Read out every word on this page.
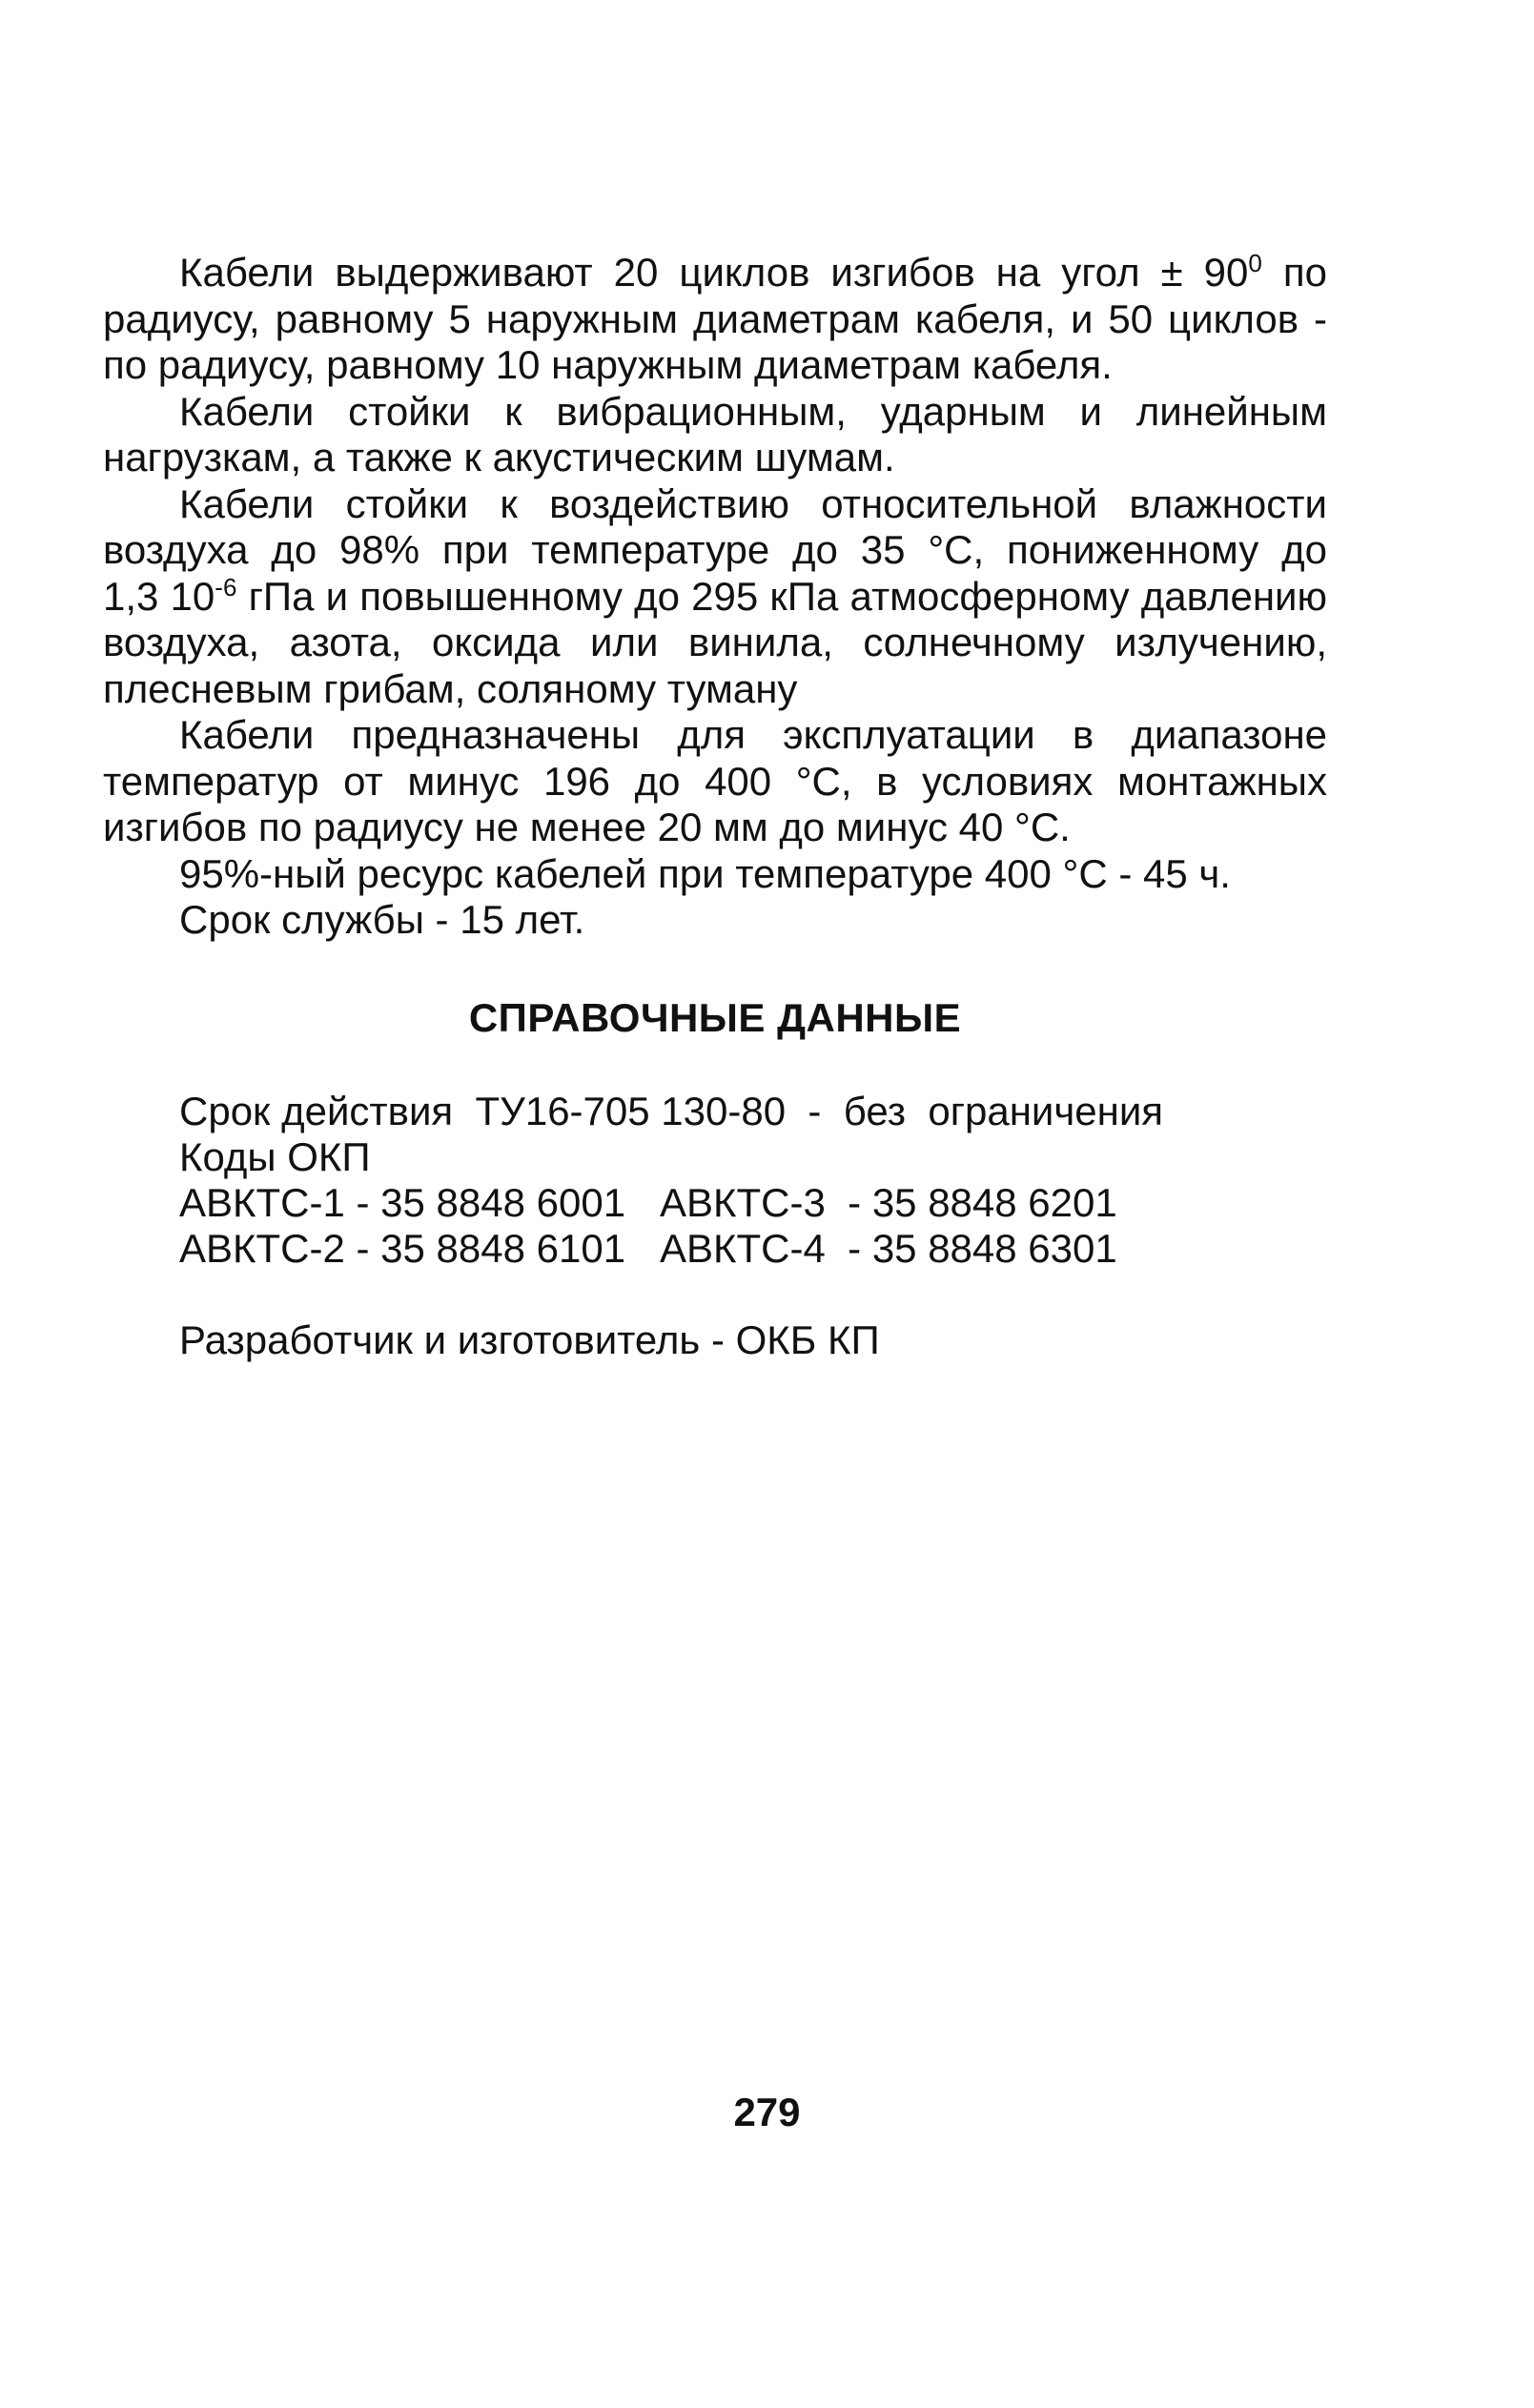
Кабели выдерживают 20 циклов изгибов на угол ± $90^0$ по
радиусу, равному 5 наружным диаметрам кабеля, и 50 циклов -
по радиусу, равному 10 наружным диаметрам кабеля.

Кабели стойки к вибрационным, ударным и линейным
нагрузкам, а также к акустическим шумам.

Кабели стойки к воздействию относительной влажности
воздуха до 98% при температуре до 35 °С, пониженному до
1,3 $10^{-6}$ гПа и повышенному до 295 кПа атмосферному давлению
воздуха, азота, оксида или винила, солнечному излучению,
плесневым грибам, соляному туману

Кабели предназначены для эксплуатации в диапазоне
температур от минус 196 до 400 °С, в условиях монтажных
изгибов по радиусу не менее 20 мм до минус 40 °С.

95%-ный ресурс кабелей при температуре 400 °С - 45 ч.

Срок службы - 15 лет.

СПРАВОЧНЫЕ ДАННЫЕ
Срок действия  ТУ16-705 130-80  -  без  ограничения
Коды ОКП
АВКТС-1 - 35 8848 6001 АВКТС-3  - 35 8848 6201
АВКТС-2 - 35 8848 6101 АВКТС-4  - 35 8848 6301
Разработчик и изготовитель - ОКБ КП
279
